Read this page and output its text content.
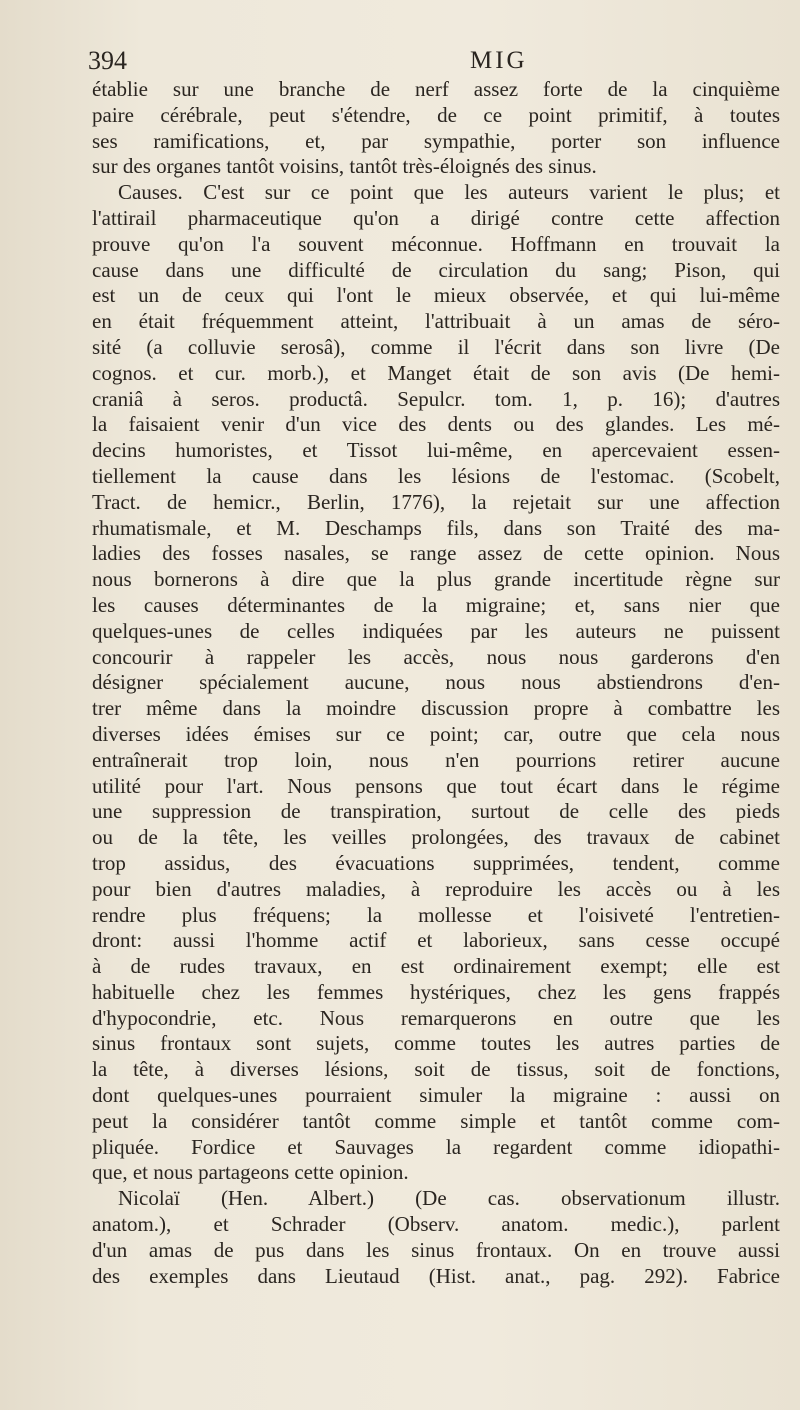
394	MIG
établie sur une branche de nerf assez forte de la cinquième
paire cérébrale, peut s'étendre, de ce point primitif, à toutes
ses ramifications, et, par sympathie, porter son influence
sur des organes tantôt voisins, tantôt très-éloignés des sinus.
Causes. C'est sur ce point que les auteurs varient le plus; et
l'attirail pharmaceutique qu'on a dirigé contre cette affection
prouve qu'on l'a souvent méconnue. Hoffmann en trouvait la
cause dans une difficulté de circulation du sang; Pison, qui
est un de ceux qui l'ont le mieux observée, et qui lui-même
en était fréquemment atteint, l'attribuait à un amas de séro-
sité (a colluvie serosâ), comme il l'écrit dans son livre (De
cognos. et cur. morb.), et Manget était de son avis (De hemi-
craniâ à seros. productâ. Sepulcr. tom. 1, p. 16); d'autres
la faisaient venir d'un vice des dents ou des glandes. Les mé-
decins humoristes, et Tissot lui-même, en apercevaient essen-
tiellement la cause dans les lésions de l'estomac. (Scobelt,
Tract. de hemicr., Berlin, 1776), la rejetait sur une affection
rhumatismale, et M. Deschamps fils, dans son Traité des ma-
ladies des fosses nasales, se range assez de cette opinion. Nous
nous bornerons à dire que la plus grande incertitude règne sur
les causes déterminantes de la migraine; et, sans nier que
quelques-unes de celles indiquées par les auteurs ne puissent
concourir à rappeler les accès, nous nous garderons d'en
désigner spécialement aucune, nous nous abstiendrons d'en-
trer même dans la moindre discussion propre à combattre les
diverses idées émises sur ce point; car, outre que cela nous
entraînerait trop loin, nous n'en pourrions retirer aucune
utilité pour l'art. Nous pensons que tout écart dans le régime
une suppression de transpiration, surtout de celle des pieds
ou de la tête, les veilles prolongées, des travaux de cabinet
trop assidus, des évacuations supprimées, tendent, comme
pour bien d'autres maladies, à reproduire les accès ou à les
rendre plus fréquens; la mollesse et l'oisiveté l'entretien-
dront: aussi l'homme actif et laborieux, sans cesse occupé
à de rudes travaux, en est ordinairement exempt; elle est
habituelle chez les femmes hystériques, chez les gens frappés
d'hypocondrie, etc. Nous remarquerons en outre que les
sinus frontaux sont sujets, comme toutes les autres parties de
la tête, à diverses lésions, soit de tissus, soit de fonctions,
dont quelques-unes pourraient simuler la migraine : aussi on
peut la considérer tantôt comme simple et tantôt comme com-
pliquée. Fordice et Sauvages la regardent comme idiopathi-
que, et nous partageons cette opinion.
Nicolaï (Hen. Albert.) (De cas. observationum illustr.
anatom.), et Schrader (Observ. anatom. medic.), parlent
d'un amas de pus dans les sinus frontaux. On en trouve aussi
des exemples dans Lieutaud (Hist. anat., pag. 292). Fabrice
